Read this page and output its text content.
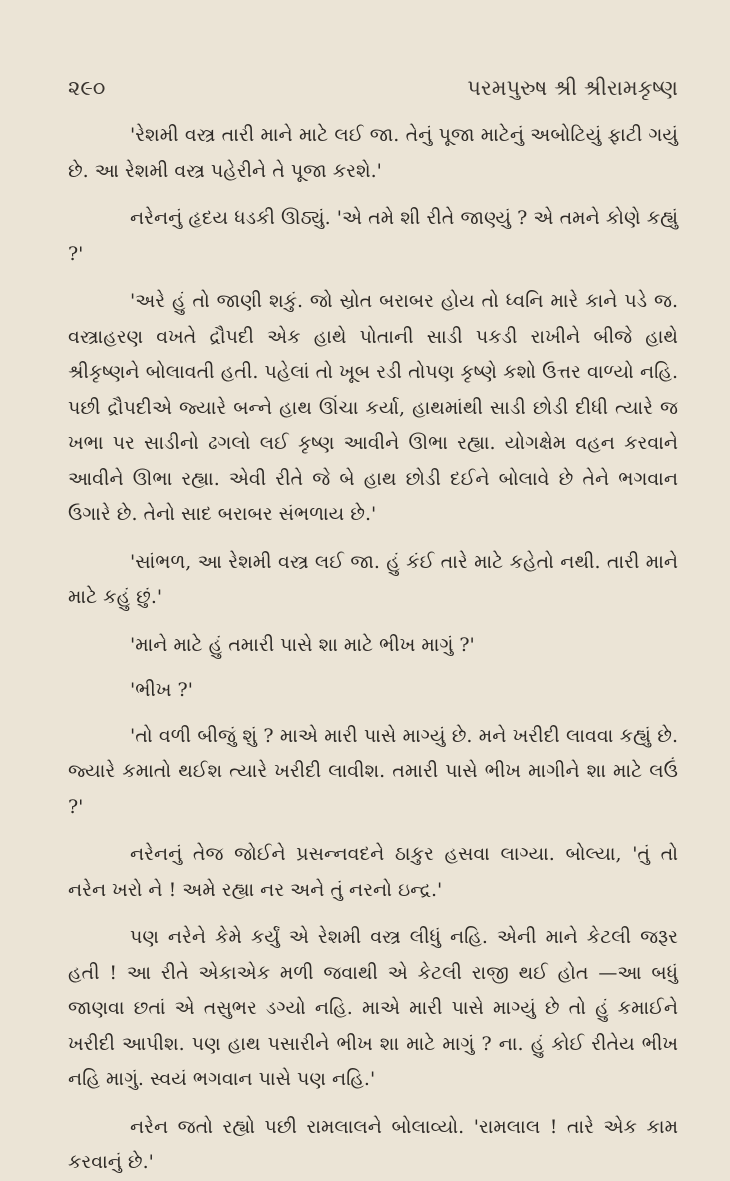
૨૯૦	પરમપુરુષ શ્રી શ્રીરામકૃષ્ણ

'રેશમી વસ્ત્ર તારી માને માટે લઈ જા. તેનું પૂજા માટેનું અબોટિયું ફાટી ગયું છે. આ રેશમી વસ્ત્ર પહેરીને તે પૂજા કરશે.'

નરેનનું હૃદય ધડકી ઊઠ્યું. 'એ તમે શી રીતે જાણ્યું ? એ તમને કોણે કહ્યું ?'

'અરે હું તો જાણી શકું. જો સ્રોત બરાબર હોય તો ધ્વનિ મારે કાને પડે જ. વસ્ત્રાહરણ વખતે દ્રૌપદી એક હાથે પોતાની સાડી પકડી રાખીને બીજે હાથે શ્રીકૃષ્ણને બોલાવતી હતી. પહેલાં તો ખૂબ રડી તોપણ કૃષ્ણે કશો ઉત્તર વાળ્યો નહિ. પછી દ્રૌપદીએ જ્યારે બન્ને હાથ ઊંચા કર્યા, હાથમાંથી સાડી છોડી દીધી ત્યારે જ ખભા પર સાડીનો ઢગલો લઈ કૃષ્ણ આવીને ઊભા રહ્યા. યોગક્ષેમ વહન કરવાને આવીને ઊભા રહ્યા. એવી રીતે જે બે હાથ છોડી દઈને બોલાવે છે તેને ભગવાન ઉગારે છે. તેનો સાદ બરાબર સંભળાય છે.'

'સાંભળ, આ રેશમી વસ્ત્ર લઈ જા. હું કંઈ તારે માટે કહેતો નથી. તારી માને માટે કહું છું.'

'માને માટે હું તમારી પાસે શા માટે ભીખ માગું ?'

'ભીખ ?'

'તો વળી બીજું શું ? માએ મારી પાસે માગ્યું છે. મને ખરીદી લાવવા કહ્યું છે. જ્યારે કમાતો થઈશ ત્યારે ખરીદી લાવીશ. તમારી પાસે ભીખ માગીને શા માટે લઉં ?'

નરેનનું તેજ જોઈને પ્રસન્નવદને ઠાકુર હસવા લાગ્યા. બોલ્યા, 'તું તો નરેન ખરો ને ! અમે રહ્યા નર અને તું નરનો ઇન્દ્ર.'

પણ નરેને કેમે કર્યું એ રેશમી વસ્ત્ર લીધું નહિ. એની માને કેટલી જરૂર હતી ! આ રીતે એકાએક મળી જવાથી એ કેટલી રાજી થઈ હોત —આ બધું જાણવા છતાં એ તસુભર ડગ્યો નહિ. માએ મારી પાસે માગ્યું છે તો હું કમાઈને ખરીદી આપીશ. પણ હાથ પસારીને ભીખ શા માટે માગું ? ના. હું કોઈ રીતેય ભીખ નહિ માગું. સ્વયં ભગવાન પાસે પણ નહિ.'

નરેન જતો રહ્યો પછી રામલાલને બોલાવ્યો. 'રામલાલ ! તારે એક કામ કરવાનું છે.'
